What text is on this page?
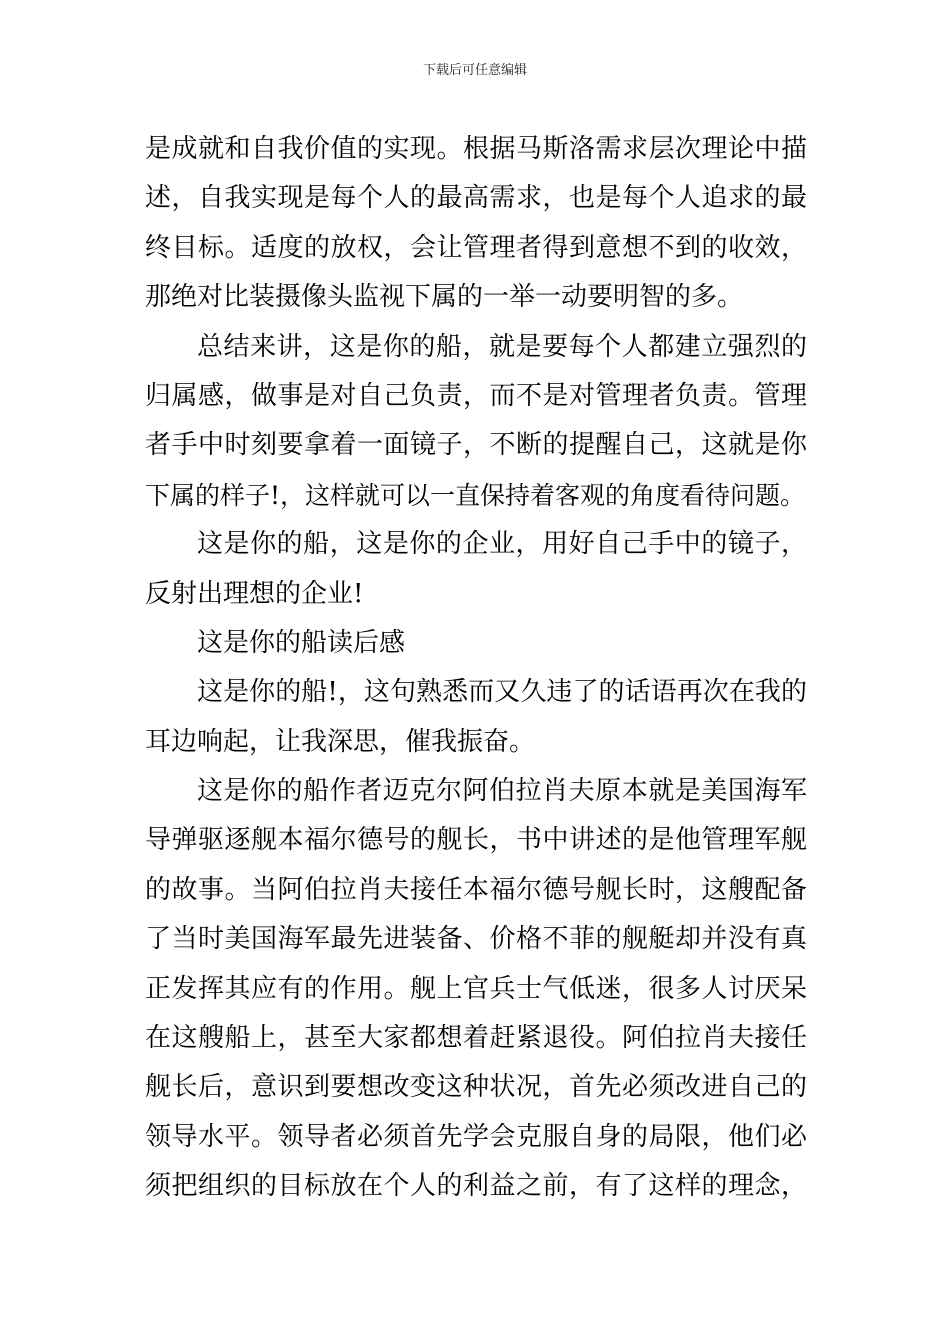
下载后可任意编辑
是成就和自我价值的实现。根据马斯洛需求层次理论中描
述，自我实现是每个人的最高需求，也是每个人追求的最
终目标。适度的放权，会让管理者得到意想不到的收效，
那绝对比装摄像头监视下属的一举一动要明智的多。
总结来讲，这是你的船，就是要每个人都建立强烈的
归属感，做事是对自己负责，而不是对管理者负责。管理
者手中时刻要拿着一面镜子，不断的提醒自己，这就是你
下属的样子!，这样就可以一直保持着客观的角度看待问题。
这是你的船，这是你的企业，用好自己手中的镜子，
反射出理想的企业!
这是你的船读后感
这是你的船!，这句熟悉而又久违了的话语再次在我的
耳边响起，让我深思，催我振奋。
这是你的船作者迈克尔阿伯拉肖夫原本就是美国海军
导弹驱逐舰本福尔德号的舰长，书中讲述的是他管理军舰
的故事。当阿伯拉肖夫接任本福尔德号舰长时，这艘配备
了当时美国海军最先进装备、价格不菲的舰艇却并没有真
正发挥其应有的作用。舰上官兵士气低迷，很多人讨厌呆
在这艘船上，甚至大家都想着赶紧退役。阿伯拉肖夫接任
舰长后，意识到要想改变这种状况，首先必须改进自己的
领导水平。领导者必须首先学会克服自身的局限，他们必
须把组织的目标放在个人的利益之前，有了这样的理念，
